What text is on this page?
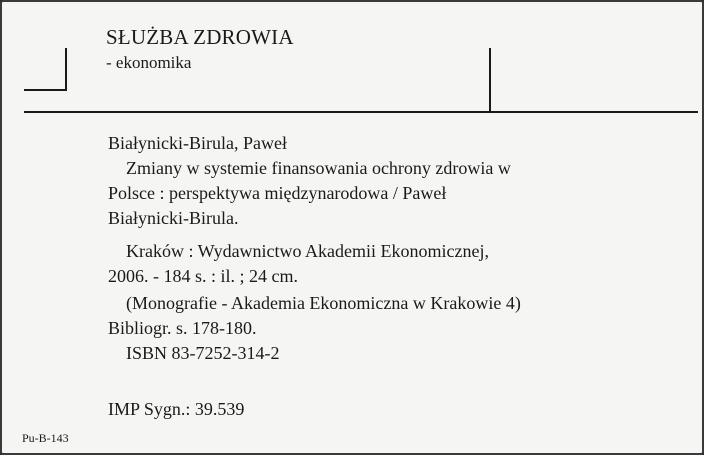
SŁUŻBA ZDROWIA
- ekonomika
Białynicki-Birula, Paweł
Zmiany w systemie finansowania ochrony zdrowia w
Polsce : perspektywa międzynarodowa / Paweł
Białynicki-Birula.
Kraków : Wydawnictwo Akademii Ekonomicznej,
2006. - 184 s. : il. ; 24 cm.
(Monografie - Akademia Ekonomiczna w Krakowie 4)
Bibliogr. s. 178-180.
ISBN 83-7252-314-2
IMP Sygn.: 39.539
Pu-B-143
